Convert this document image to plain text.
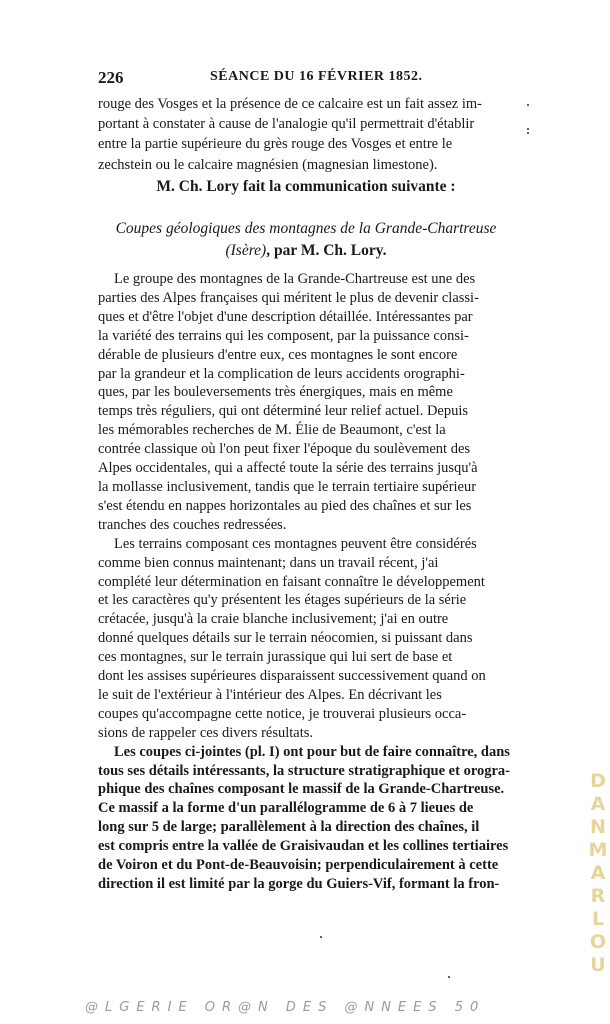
226	SÉANCE DU 16 FÉVRIER 1852.

rouge des Vosges et la présence de ce calcaire est un fait assez im-

portant à constater à cause de l'analogie qu'il permettrait d'établir

entre la partie supérieure du grès rouge des Vosges et entre le

zechstein ou le calcaire magnésien (magnesian limestone).

M. Ch. Lory fait la communication suivante :
Coupes géologiques des montagnes de la Grande-Chartreuse
(Isère), par M. Ch. Lory.

Le groupe des montagnes de la Grande-Chartreuse est une des

parties des Alpes françaises qui méritent le plus de devenir classi-

ques et d'être l'objet d'une description détaillée. Intéressantes par

la variété des terrains qui les composent, par la puissance consi-

dérable de plusieurs d'entre eux, ces montagnes le sont encore

par la grandeur et la complication de leurs accidents orographi-

ques, par les bouleversements très énergiques, mais en même

temps très réguliers, qui ont déterminé leur relief actuel. Depuis

les mémorables recherches de M. Élie de Beaumont, c'est la

contrée classique où l'on peut fixer l'époque du soulèvement des

Alpes occidentales, qui a affecté toute la série des terrains jusqu'à

la mollasse inclusivement, tandis que le terrain tertiaire supérieur

s'est étendu en nappes horizontales au pied des chaînes et sur les

tranches des couches redressées.

Les terrains composant ces montagnes peuvent être considérés

comme bien connus maintenant; dans un travail récent, j'ai

complété leur détermination en faisant connaître le développement

et les caractères qu'y présentent les étages supérieurs de la série

crétacée, jusqu'à la craie blanche inclusivement; j'ai en outre

donné quelques détails sur le terrain néocomien, si puissant dans

ces montagnes, sur le terrain jurassique qui lui sert de base et

dont les assises supérieures disparaissent successivement quand on

le suit de l'extérieur à l'intérieur des Alpes. En décrivant les

coupes qu'accompagne cette notice, je trouverai plusieurs occa-

sions de rappeler ces divers résultats.

Les coupes ci-jointes (pl. I) ont pour but de faire connaître, dans

tous ses détails intéressants, la structure stratigraphique et orogra-

phique des chaînes composant le massif de la Grande-Chartreuse.

Ce massif a la forme d'un parallélogramme de 6 à 7 lieues de

long sur 5 de large; parallèlement à la direction des chaînes, il

est compris entre la vallée de Graisivaudan et les collines tertiaires

de Voiron et du Pont-de-Beauvoisin; perpendiculairement à cette

direction il est limité par la gorge du Guiers-Vif, formant la fron-

D
A
N
M
A
R
L
O
U
@LGERIE OR@N DES @NNEES 50
